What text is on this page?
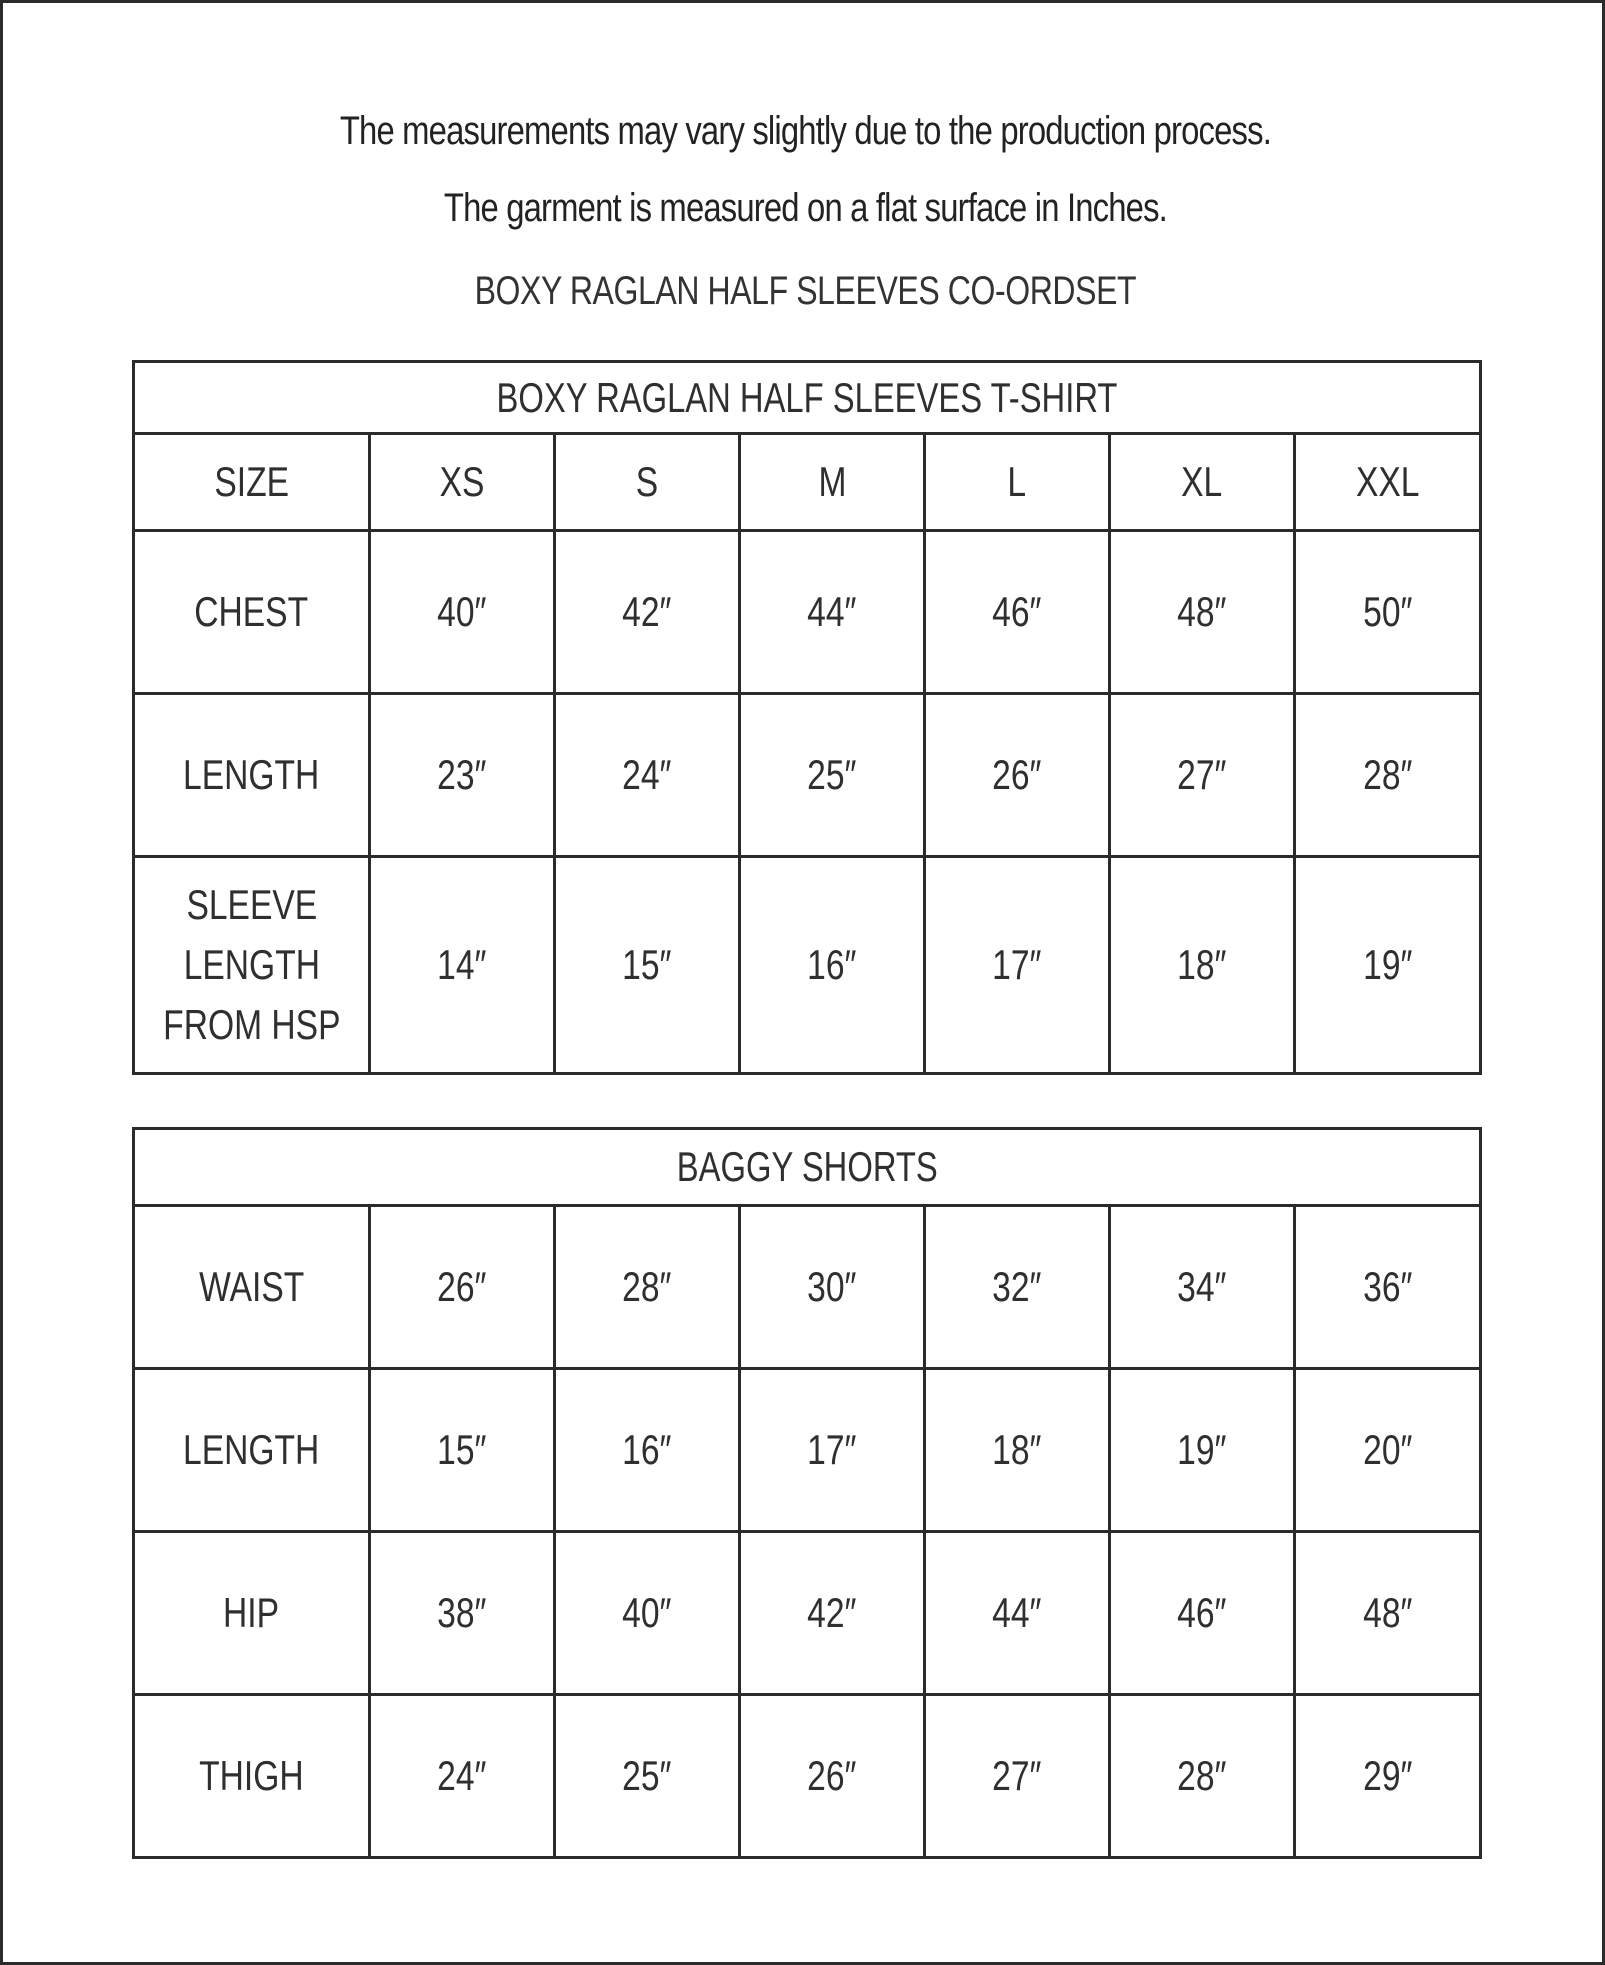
The measurements may vary slightly due to the production process.
The garment is measured on a flat surface in Inches.
BOXY RAGLAN HALF SLEEVES CO-ORDSET
BOXY RAGLAN HALF SLEEVES T-SHIRT						
SIZE	XS	S	M	L	XL	XXL
CHEST	40″	42″	44″	46″	48″	50″
LENGTH	23″	24″	25″	26″	27″	28″

SLEEVE
LENGTH
FROM HSP	14″	15″	16″	17″	18″	19″
BAGGY SHORTS						
WAIST	26″	28″	30″	32″	34″	36″
LENGTH	15″	16″	17″	18″	19″	20″
HIP	38″	40″	42″	44″	46″	48″
THIGH	24″	25″	26″	27″	28″	29″
